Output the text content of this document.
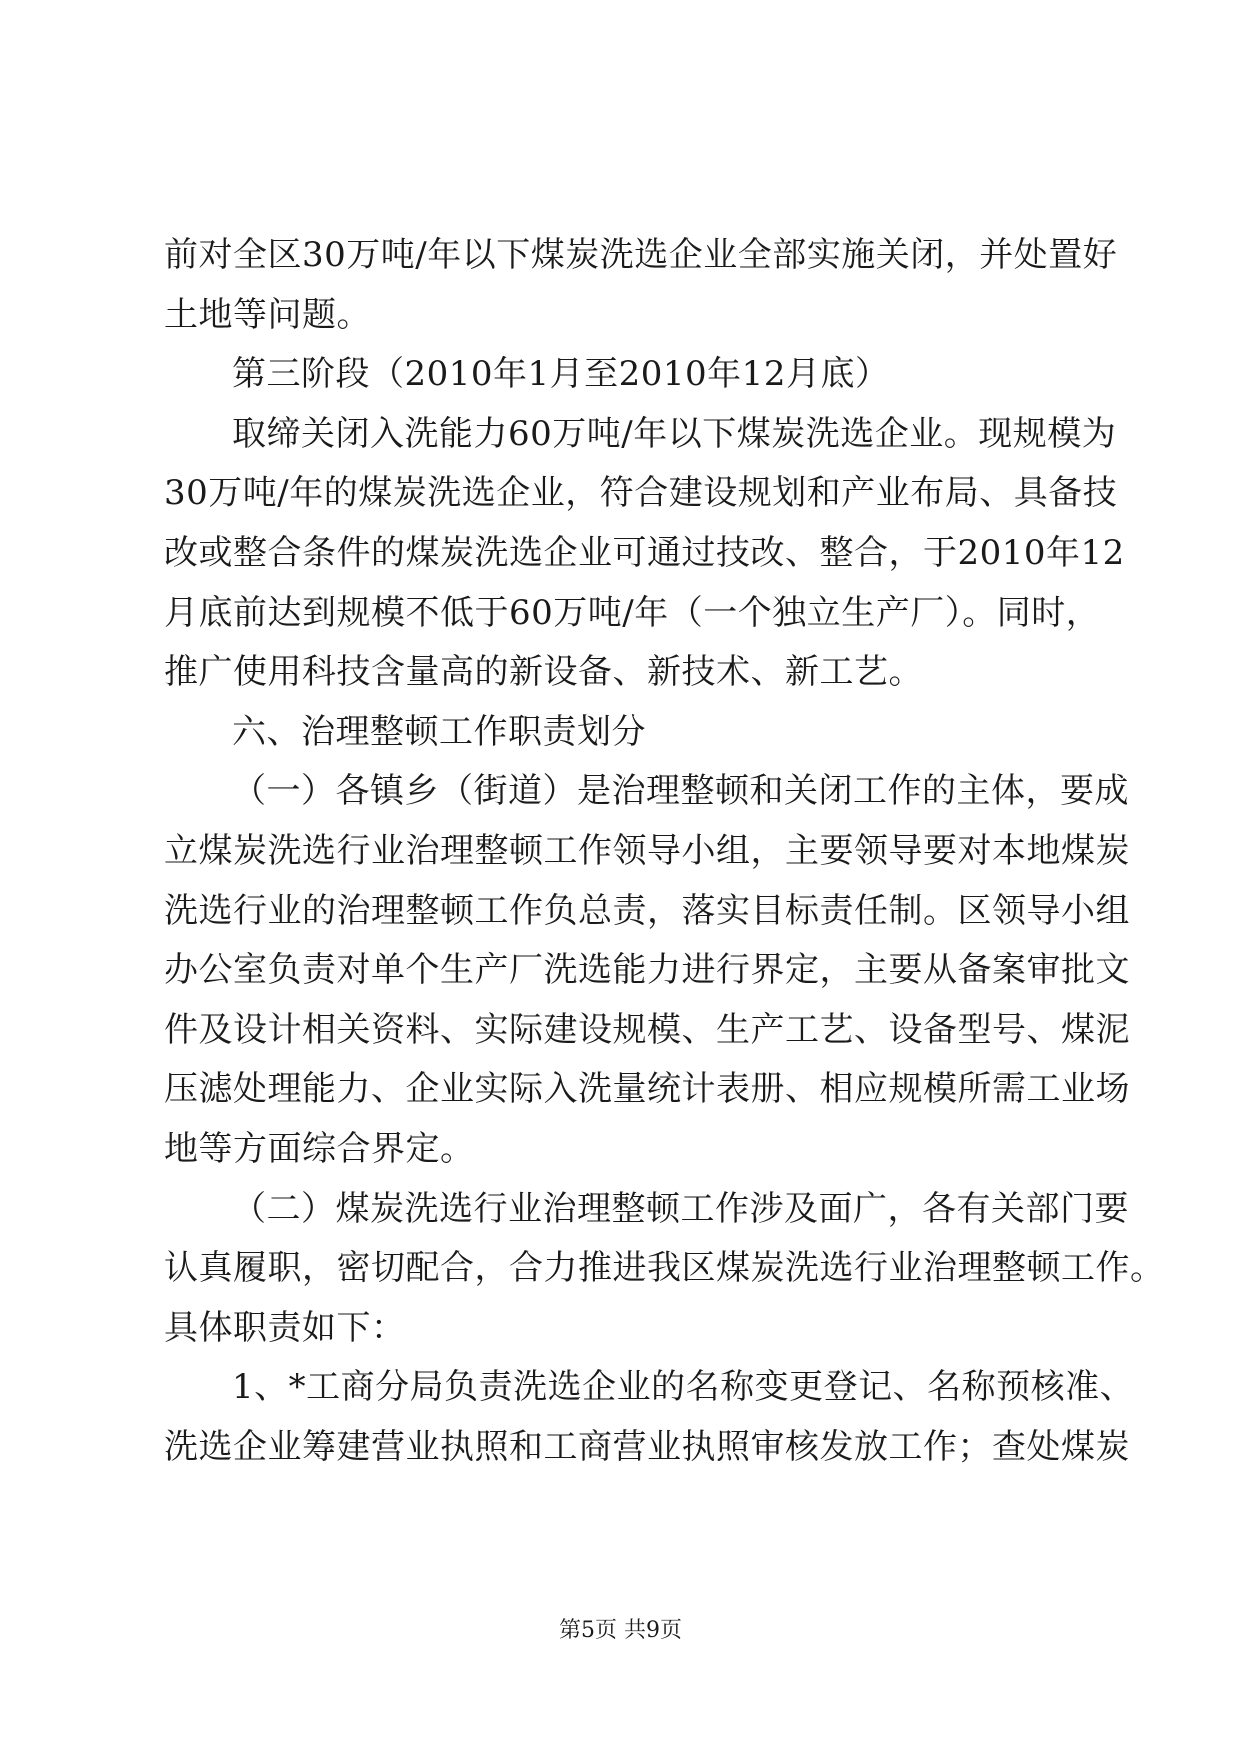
前对全区30万吨/年以下煤炭洗选企业全部实施关闭，并处置好
土地等问题。
第三阶段（2010年1月至2010年12月底）
取缔关闭入洗能力60万吨/年以下煤炭洗选企业。现规模为
30万吨/年的煤炭洗选企业，符合建设规划和产业布局、具备技
改或整合条件的煤炭洗选企业可通过技改、整合，于2010年12
月底前达到规模不低于60万吨/年（一个独立生产厂）。同时，
推广使用科技含量高的新设备、新技术、新工艺。
六、治理整顿工作职责划分
（一）各镇乡（街道）是治理整顿和关闭工作的主体，要成
立煤炭洗选行业治理整顿工作领导小组，主要领导要对本地煤炭
洗选行业的治理整顿工作负总责，落实目标责任制。区领导小组
办公室负责对单个生产厂洗选能力进行界定，主要从备案审批文
件及设计相关资料、实际建设规模、生产工艺、设备型号、煤泥
压滤处理能力、企业实际入洗量统计表册、相应规模所需工业场
地等方面综合界定。
（二）煤炭洗选行业治理整顿工作涉及面广，各有关部门要
认真履职，密切配合，合力推进我区煤炭洗选行业治理整顿工作。
具体职责如下：
1、*工商分局负责洗选企业的名称变更登记、名称预核准、
洗选企业筹建营业执照和工商营业执照审核发放工作；查处煤炭
第5页 共9页
